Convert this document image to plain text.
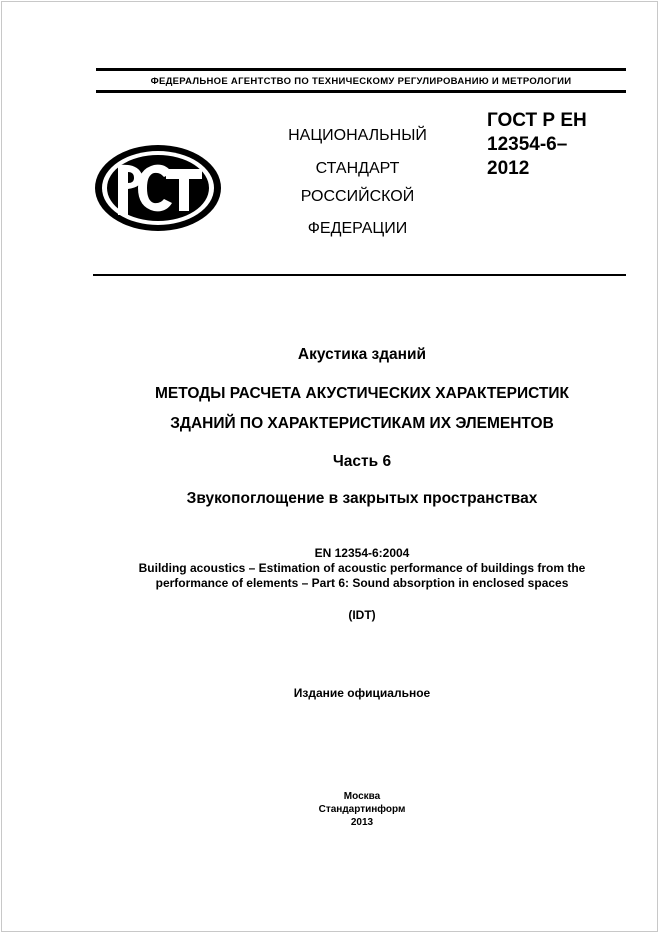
ФЕДЕРАЛЬНОЕ АГЕНТСТВО ПО ТЕХНИЧЕСКОМУ РЕГУЛИРОВАНИЮ И МЕТРОЛОГИИ
НАЦИОНАЛЬНЫЙ
СТАНДАРТ
РОССИЙСКОЙ
ФЕДЕРАЦИИ
ГОСТ Р ЕН
12354-6–
2012
Акустика зданий
МЕТОДЫ РАСЧЕТА АКУСТИЧЕСКИХ ХАРАКТЕРИСТИК
ЗДАНИЙ ПО ХАРАКТЕРИСТИКАМ ИХ ЭЛЕМЕНТОВ
Часть 6
Звукопоглощение в закрытых пространствах
EN 12354-6:2004
Building acoustics – Estimation of acoustic performance of buildings from the
performance of elements – Part 6: Sound absorption in enclosed spaces
(IDT)
Издание официальное
Москва
Стандартинформ
2013
